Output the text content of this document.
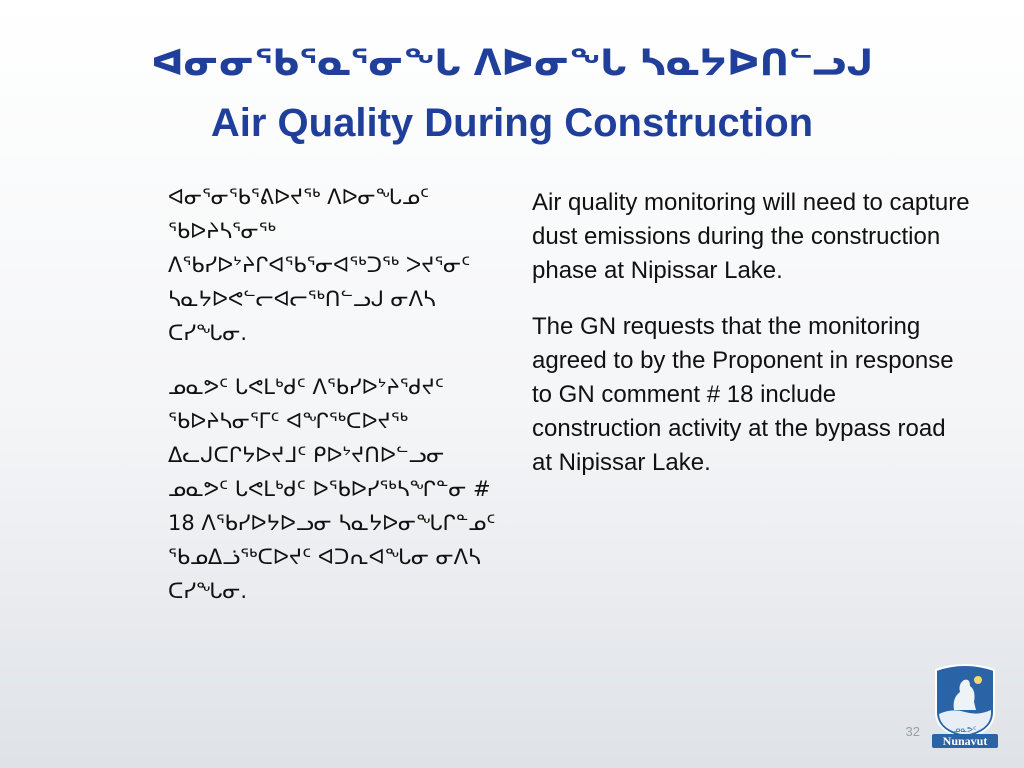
ᐊᓂᓂᖃᕐᓇᕐᓂᖓ ᐱᐅᓂᖓ ᓴᓇᔭᐅᑎᓪᓗᒍ
Air Quality During Construction

ᐊᓂᕐᓂᖃᕐᕕᐅᔪᖅ ᐱᐅᓂᖓᓄᑦ ᖃᐅᔨᓴᕐᓂᖅ ᐱᖃᓯᐅᔾᔨᒋᐊᖃᕐᓂᐊᖅᑐᖅ ᐳᔪᕐᓂᑦ ᓴᓇᔭᐅᕙᓪᓕᐊᓕᖅᑎᓪᓗᒍ ᓂᐱᓴ ᑕᓯᖓᓂ.

ᓄᓇᕗᑦ ᒐᕙᒪᒃᑯᑦ ᐱᖃᓯᐅᔾᔨᕐᑯᔪᑦ ᖃᐅᔨᓴᓂᕐᒥᑦ ᐊᖏᖅᑕᐅᔪᖅ ᐃᓚᒍᑕᒋᔭᐅᔪᒧᑦ ᑭᐅᔾᔪᑎᐅᓪᓗᓂ ᓄᓇᕗᑦ ᒐᕙᒪᒃᑯᑦ ᐅᖃᐅᓯᖅᓴᖏᓐᓂ # 18 ᐱᖃᓯᐅᔭᐅᓗᓂ ᓴᓇᔭᐅᓂᖓᒋᓐᓄᑦ ᖃᓄᐃᓘᖅᑕᐅᔪᑦ ᐊᑐᕆᐊᖓᓂ ᓂᐱᓴ ᑕᓯᖓᓂ.

Air quality monitoring will need to capture dust emissions during the construction phase at Nipissar Lake.

The GN requests that the monitoring agreed to by the Proponent in response to GN comment # 18 include construction activity at the bypass road at Nipissar Lake.

32	ᓄᓇᕗᑦ
Nunavut
